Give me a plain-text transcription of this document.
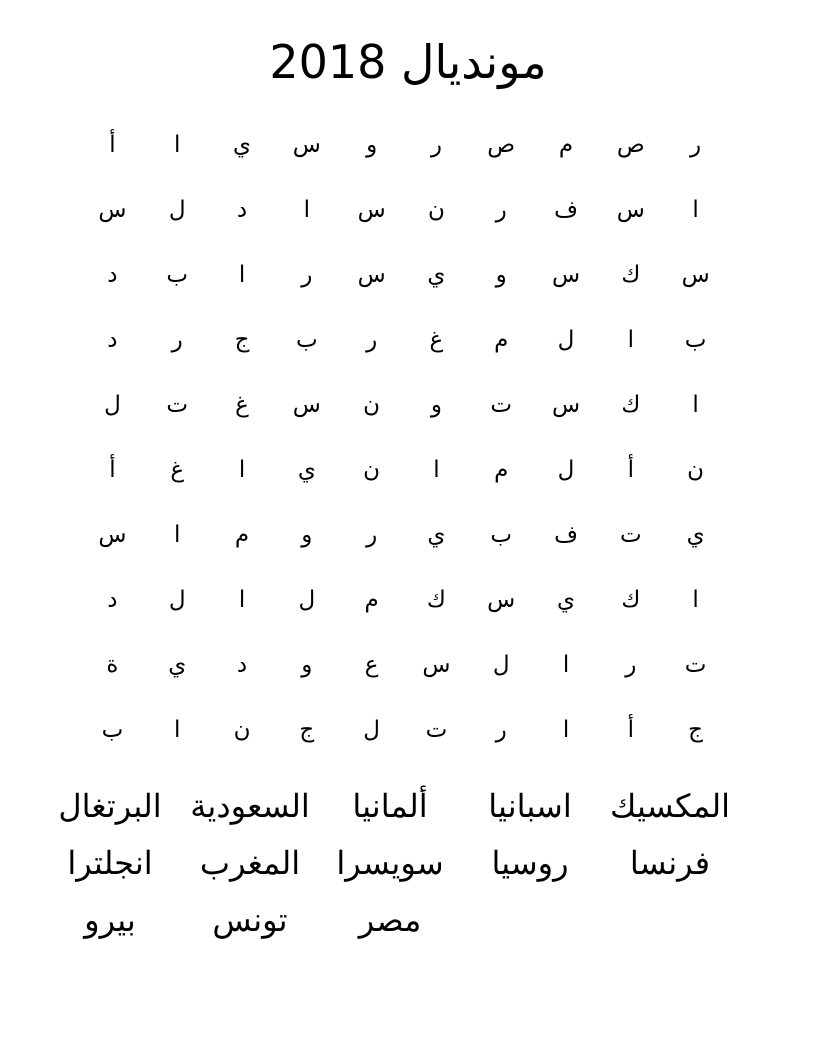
مونديال 2018
ر
ص
م
ص
ر
و
س
ي
ا
أ
ا
س
ف
ر
ن
س
ا
د
ل
س
س
ك
س
و
ي
س
ر
ا
ب
د
ب
ا
ل
م
غ
ر
ب
ج
ر
د
ا
ك
س
ت
و
ن
س
غ
ت
ل
ن
أ
ل
م
ا
ن
ي
ا
غ
أ
ي
ت
ف
ب
ي
ر
و
م
ا
س
ا
ك
ي
س
ك
م
ل
ا
ل
د
ت
ر
ا
ل
س
ع
و
د
ي
ة
ج
أ
ا
ر
ت
ل
ج
ن
ا
ب
المكسيك
اسبانيا
ألمانيا
السعودية
البرتغال
فرنسا
روسيا
سويسرا
المغرب
انجلترا
مصر
تونس
بيرو
